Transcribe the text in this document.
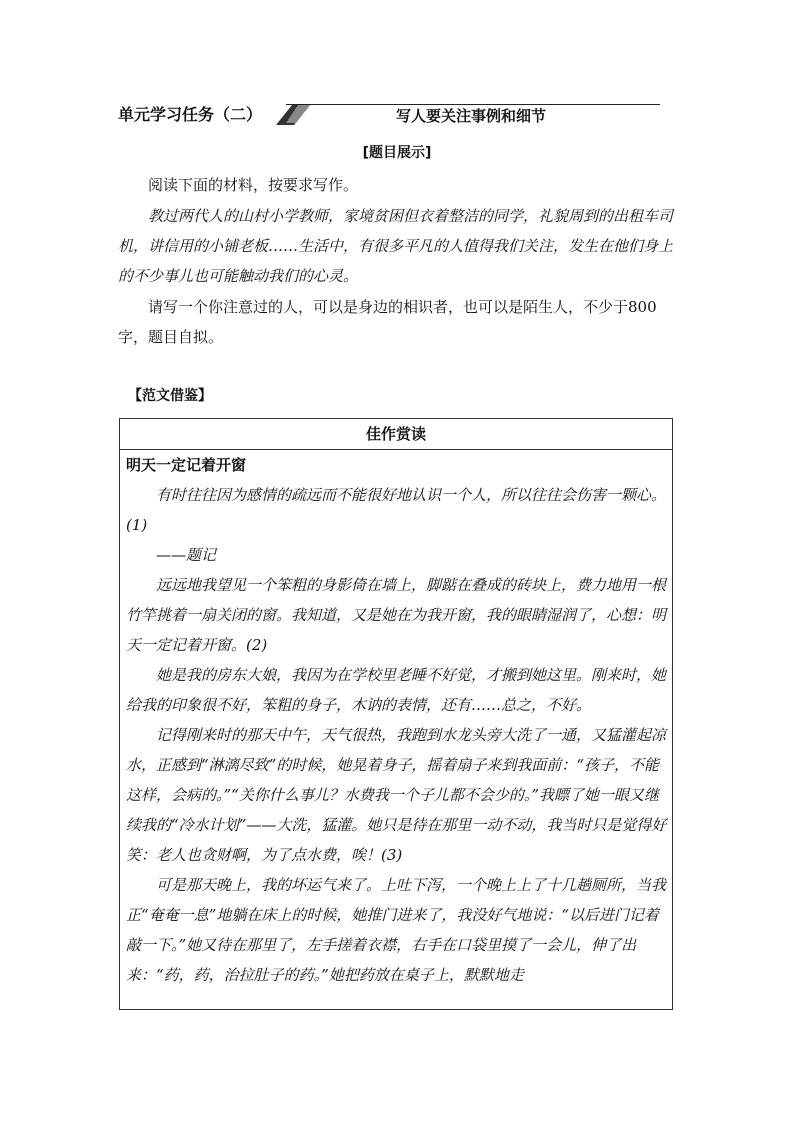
单元学习任务（二）	写人要关注事例和细节
[题目展示]

阅读下面的材料，按要求写作。

教过两代人的山村小学教师，家境贫困但衣着整洁的同学，礼貌周到的出租车司机，讲信用的小铺老板……生活中，有很多平凡的人值得我们关注，发生在他们身上的不少事儿也可能触动我们的心灵。

请写一个你注意过的人，可以是身边的相识者，也可以是陌生人，不少于800字，题目自拟。

【范文借鉴】
佳作赏读
明天一定记着开窗

有时往往因为感情的疏远而不能很好地认识一个人，所以往往会伤害一颗心。(1)

——题记

远远地我望见一个笨粗的身影倚在墙上，脚踮在叠成的砖块上，费力地用一根竹竿挑着一扇关闭的窗。我知道，又是她在为我开窗，我的眼睛湿润了，心想：明天一定记着开窗。(2)

她是我的房东大娘，我因为在学校里老睡不好觉，才搬到她这里。刚来时，她给我的印象很不好，笨粗的身子，木讷的表情，还有……总之，不好。

记得刚来时的那天中午，天气很热，我跑到水龙头旁大洗了一通，又猛灌起凉水，正感到“淋漓尽致”的时候，她晃着身子，摇着扇子来到我面前：“孩子，不能这样，会病的。”“关你什么事儿？水费我一个子儿都不会少的。”我瞟了她一眼又继续我的“冷水计划”——大洗，猛灌。她只是待在那里一动不动，我当时只是觉得好笑：老人也贪财啊，为了点水费，唉！(3)

可是那天晚上，我的坏运气来了。上吐下泻，一个晚上上了十几趟厕所，当我正“奄奄一息”地躺在床上的时候，她推门进来了，我没好气地说：“以后进门记着敲一下。”她又待在那里了，左手搓着衣襟，右手在口袋里摸了一会儿，伸了出来：“药，药，治拉肚子的药。”她把药放在桌子上，默默地走
